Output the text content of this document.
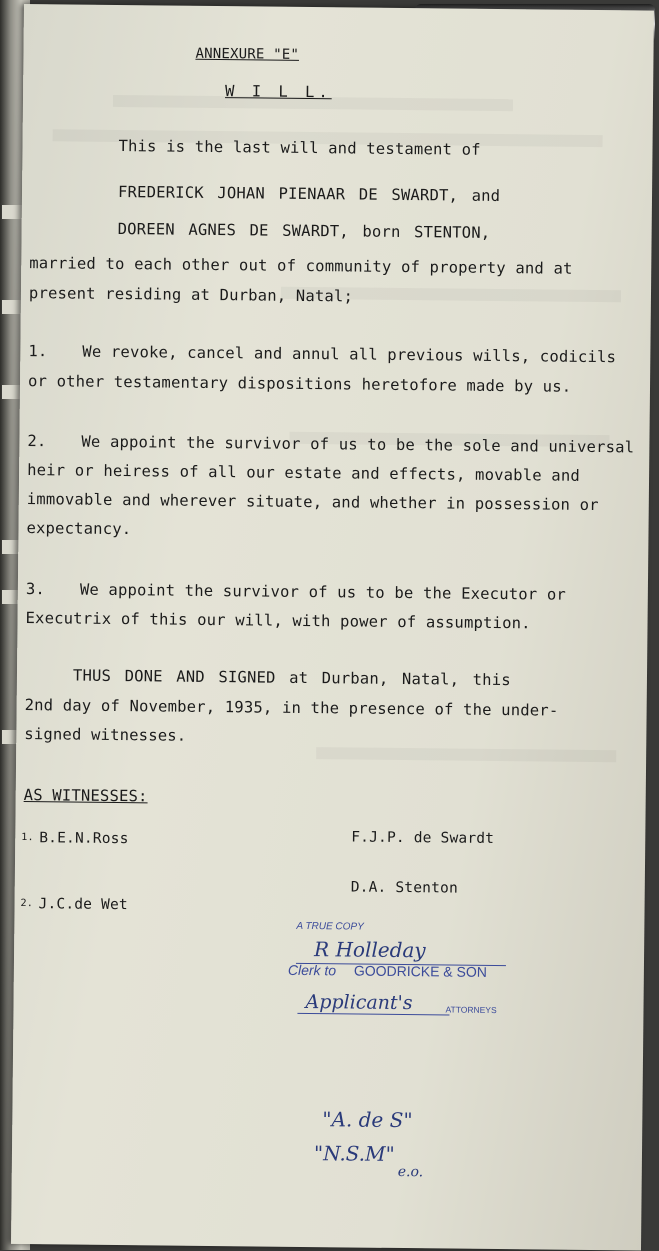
ANNEXURE "E"
W I L L.
This is the last will and testament of
FREDERICK JOHAN PIENAAR DE SWARDT, and
DOREEN AGNES DE SWARDT, born STENTON,
married to each other out of community of property and at
present residing at Durban, Natal;
1. We revoke, cancel and annul all previous wills, codicils
or other testamentary dispositions heretofore made by us.
2. We appoint the survivor of us to be the sole and universal
heir or heiress of all our estate and effects, movable and
immovable and wherever situate, and whether in possession or
expectancy.
3. We appoint the survivor of us to be the Executor or
Executrix of this our will, with power of assumption.
THUS DONE AND SIGNED at Durban, Natal, this
2nd day of November, 1935, in the presence of the under-
signed witnesses.
AS WITNESSES:
1. B.E.N.Ross
2. J.C.de Wet
F.J.P. de Swardt
D.A. Stenton
A TRUE COPY
R Holleday
Clerk to GOODRICKE & SON
Applicant's	ATTORNEYS
"A. de S"
"N.S.M"
e.o.
